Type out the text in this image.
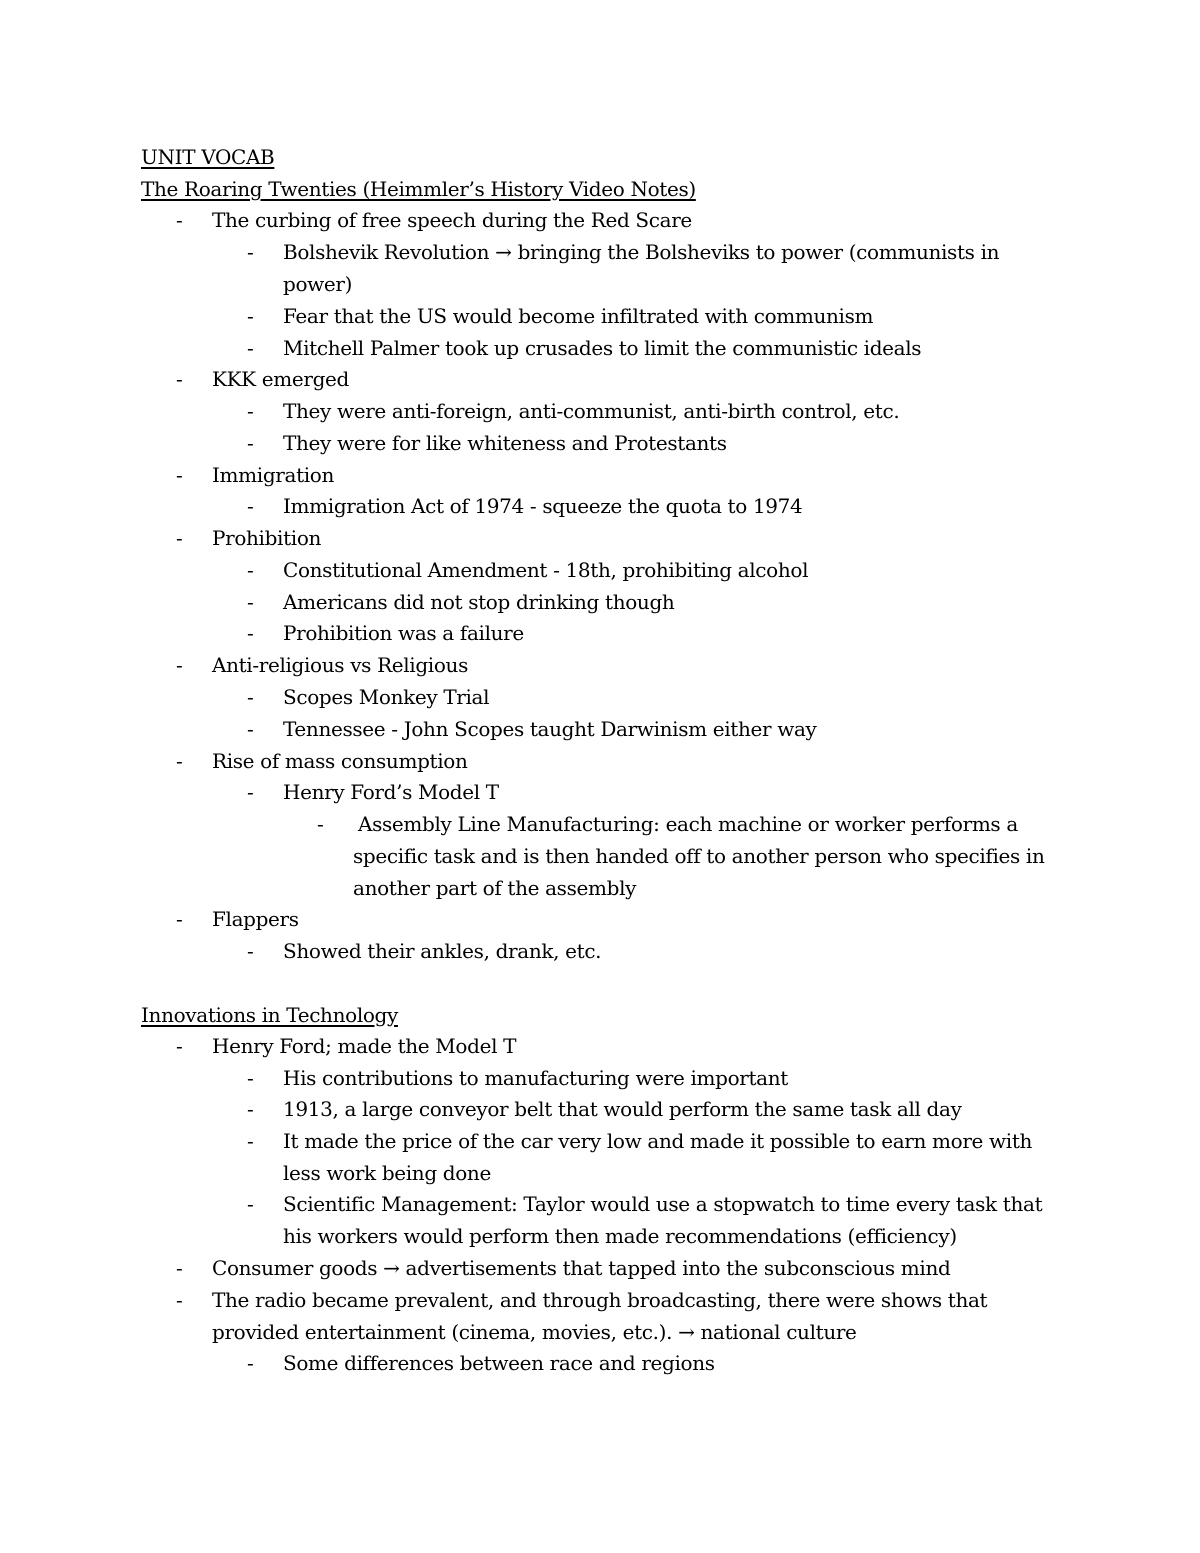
UNIT VOCAB
The Roaring Twenties (Heimmler’s History Video Notes)
- The curbing of free speech during the Red Scare
- Bolshevik Revolution → bringing the Bolsheviks to power (communists in
power)
- Fear that the US would become infiltrated with communism
- Mitchell Palmer took up crusades to limit the communistic ideals
- KKK emerged
- They were anti-foreign, anti-communist, anti-birth control, etc.
- They were for like whiteness and Protestants
- Immigration
- Immigration Act of 1974 - squeeze the quota to 1974
- Prohibition
- Constitutional Amendment - 18th, prohibiting alcohol
- Americans did not stop drinking though
- Prohibition was a failure
- Anti-religious vs Religious
- Scopes Monkey Trial
- Tennessee - John Scopes taught Darwinism either way
- Rise of mass consumption
- Henry Ford’s Model T
- Assembly Line Manufacturing: each machine or worker performs a
specific task and is then handed off to another person who specifies in
another part of the assembly
- Flappers
- Showed their ankles, drank, etc.
Innovations in Technology
- Henry Ford; made the Model T
- His contributions to manufacturing were important
- 1913, a large conveyor belt that would perform the same task all day
- It made the price of the car very low and made it possible to earn more with
less work being done
- Scientific Management: Taylor would use a stopwatch to time every task that
his workers would perform then made recommendations (efficiency)
- Consumer goods → advertisements that tapped into the subconscious mind
- The radio became prevalent, and through broadcasting, there were shows that
provided entertainment (cinema, movies, etc.). → national culture
- Some differences between race and regions
